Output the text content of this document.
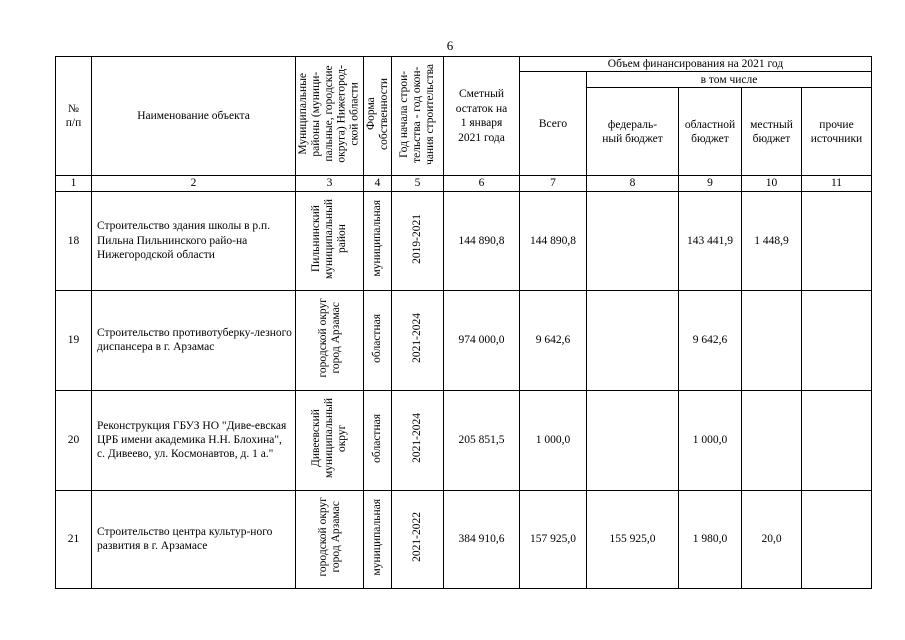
6
№
п/п	Наименование объекта	Муниципальные
районы (муници-
пальные, городские
округа) Нижегород-
ской области	Форма
собственности	Год начала строи-
тельства - год окон-
чания строительства	Сметный
остаток на
1 января
2021 года	Объем финансирования на 2021 год				
						Всего	в том числе			
							федераль-
ный бюджет	областной
бюджет	местный
бюджет	прочие
источники
1	2	3	4	5	6	7	8	9	10	11
18	Строительство здания школы в р.п. Пильна Пильнинского райо-на Нижегородской области	Пильнинский
муниципальный
район	муниципальная	2019-2021	144 890,8	144 890,8		143 441,9	1 448,9	
19	Строительство противотуберку-лезного диспансера в г. Арзамас	городской округ
город Арзамас	областная	2021-2024	974 000,0	9 642,6		9 642,6		
20	Реконструкция ГБУЗ НО "Диве-евская ЦРБ имени академика Н.Н. Блохина", с. Дивеево, ул. Космонавтов, д. 1 а."	Дивеевский
муниципальный
округ	областная	2021-2024	205 851,5	1 000,0		1 000,0		
21	Строительство центра культур-ного развития в г. Арзамасе	городской округ
город Арзамас	муниципальная	2021-2022	384 910,6	157 925,0	155 925,0	1 980,0	20,0	
